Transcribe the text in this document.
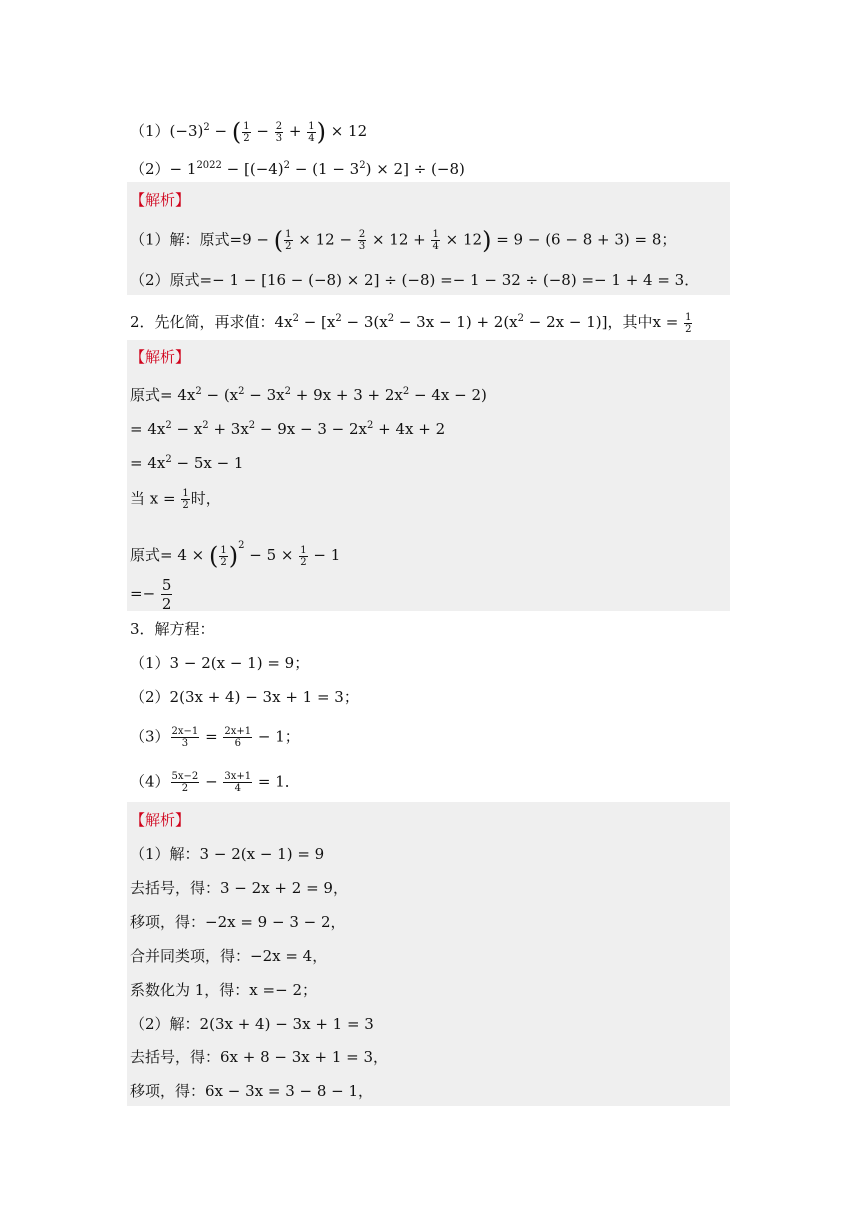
$(1)(-3)^2$ − ( $\frac{1}{2} - \frac{2}{3} + \frac{1}{4}$ ) × 12
$(2)- 1^{2022} - [(-4)^2 - (1 - 3^2) \times 2] \div (-8)$
【解析】
（1）解：原式=9 − ( $\frac{1}{2} \times 12 - \frac{2}{3} \times 12 + \frac{1}{4} \times 12) = 9 - (6 - 8 + 3) = 8$；
（2）原式=− 1 − [16 − (−8) × 2] ÷ (−8) =− 1 − 32 ÷ (−8) =− 1 + 4 = 3．
2．先化简，再求值：$4x^2 - [x^2 - 3(x^2 - 3x - 1) + 2(x^2 - 2x - 1)]$，其中$x = \frac{1}{2}$
【解析】
原式= $4x^2 - (x^2 - 3x^2 + 9x + 3 + 2x^2 - 4x - 2)$
= $4x^2 - x^2 + 3x^2 - 9x - 3 - 2x^2 + 4x + 2$
= $4x^2 - 5x - 1$
当 $x = \frac{1}{2}$ 时，
原式= 4 × ( $\frac{1}{2} )^2 - 5 \times \frac{1}{2} - 1$
=− $\frac{5}{2}$
3．解方程：
（1）3 − 2(x − 1) = 9；
（2）2(3x + 4) − 3x + 1 = 3；
$(3) \frac{2x-1}{3} = \frac{2x+1}{6} - 1$；
$(4) \frac{5x-2}{2} - \frac{3x+1}{4} = 1$．
【解析】
（1）解：3 − 2(x − 1) = 9
去括号，得：3 − 2x + 2 = 9，
移项，得：−2x = 9 − 3 − 2，
合并同类项，得：−2x = 4，
系数化为 1，得：x =− 2；
（2）解：2(3x + 4) − 3x + 1 = 3
去括号，得：6x + 8 − 3x + 1 = 3，
移项，得：6x − 3x = 3 − 8 − 1，
